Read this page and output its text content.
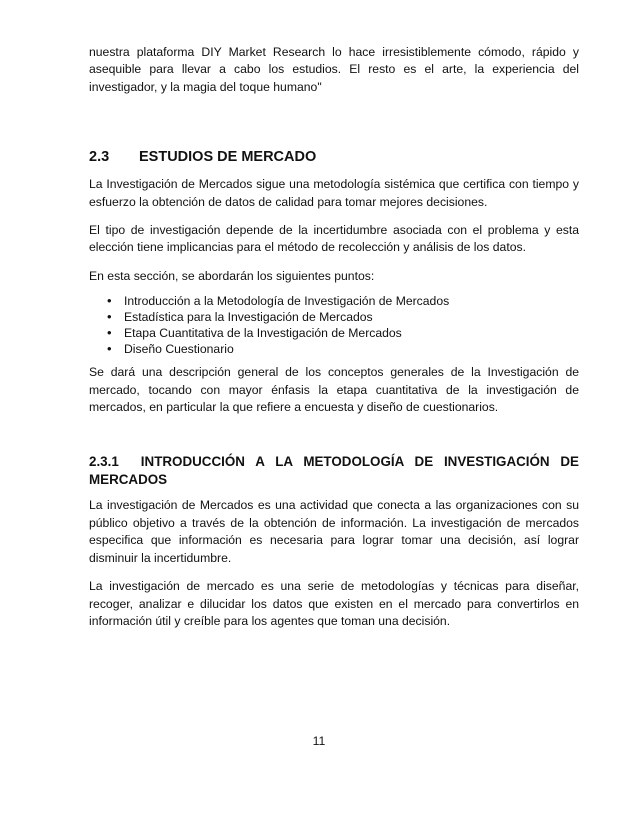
nuestra plataforma DIY Market Research lo hace irresistiblemente cómodo, rápido y asequible para llevar a cabo los estudios. El resto es el arte, la experiencia del investigador, y la magia del toque humano"

2.3	ESTUDIOS DE MERCADO

La Investigación de Mercados sigue una metodología sistémica que certifica con tiempo y esfuerzo la obtención de datos de calidad para tomar mejores decisiones.

El tipo de investigación depende de la incertidumbre asociada con el problema y esta elección tiene implicancias para el método de recolección y análisis de los datos.

En esta sección, se abordarán los siguientes puntos:

• Introducción a la Metodología de Investigación de Mercados
• Estadística para la Investigación de Mercados
• Etapa Cuantitativa de la Investigación de Mercados
• Diseño Cuestionario

Se dará una descripción general de los conceptos generales de la Investigación de mercado, tocando con mayor énfasis la etapa cuantitativa de la investigación de mercados, en particular la que refiere a encuesta y diseño de cuestionarios.

2.3.1 INTRODUCCIÓN A LA METODOLOGÍA DE INVESTIGACIÓN DE MERCADOS

La investigación de Mercados es una actividad que conecta a las organizaciones con su público objetivo a través de la obtención de información. La investigación de mercados especifica que información es necesaria para lograr tomar una decisión, así lograr disminuir la incertidumbre.

La investigación de mercado es una serie de metodologías y técnicas para diseñar, recoger, analizar e dilucidar los datos que existen en el mercado para convertirlos en información útil y creíble para los agentes que toman una decisión.

11
